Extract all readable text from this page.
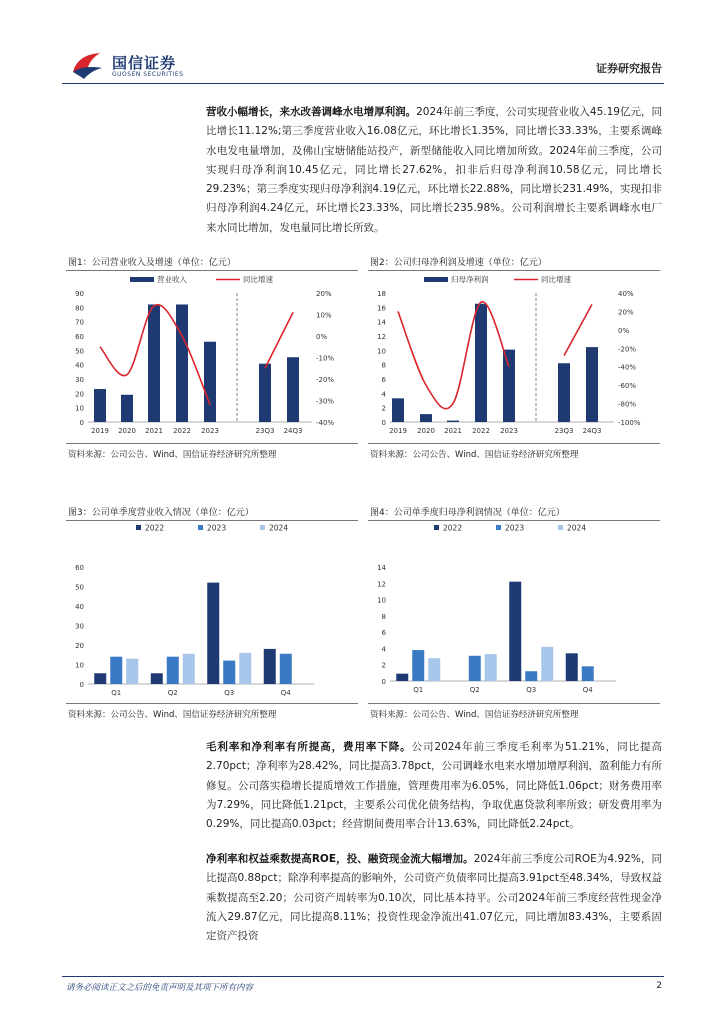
国信证券
GUOSEN SECURITIES	证券研究报告
营收小幅增长，来水改善调峰水电增厚利润。2024年前三季度，公司实现营业收入45.19亿元，同比增长11.12%;第三季度营业收入16.08亿元，环比增长1.35%，同比增长33.33%，主要系调峰水电发电量增加，及佛山宝塘储能站投产，新型储能收入同比增加所致。2024年前三季度，公司实现归母净利润10.45亿元，同比增长27.62%，扣非后归母净利润10.58亿元，同比增长29.23%；第三季度实现归母净利润4.19亿元，环比增长22.88%，同比增长231.49%，实现扣非归母净利润4.24亿元，环比增长23.33%，同比增长235.98%。公司利润增长主要系调峰水电厂来水同比增加，发电量同比增长所致。
图1：公司营业收入及增速（单位：亿元）
0
10
20
30
40
50
60
70
80
90
-40%
-30%
-20%
-10%
0%
10%
20%
2019 2020 2021 2022 2023	23Q3 24Q3
营业收入	同比增速
资料来源：公司公告、Wind、国信证券经济研究所整理
图2：公司归母净利润及增速（单位：亿元）
0
2
4
6
8
10
12
14
16
18
-100%
-80%
-60%
-40%
-20%
0%
20%
40%
2019 2020 2021 2022 2023	23Q3 24Q3
归母净利润	同比增速
资料来源：公司公告、Wind、国信证券经济研究所整理
图3：公司单季度营业收入情况（单位：亿元）
0
10
20
30
40
50
60
Q1	Q2	Q3	Q4
2022	2023	2024
资料来源：公司公告、Wind、国信证券经济研究所整理
图4：公司单季度归母净利润情况（单位：亿元）
0
2
4
6
8
10
12
14
Q1	Q2	Q3	Q4
2022	2023	2024
资料来源：公司公告、Wind、国信证券经济研究所整理
毛利率和净利率有所提高，费用率下降。公司2024年前三季度毛利率为51.21%，同比提高2.70pct；净利率为28.42%，同比提高3.78pct，公司调峰水电来水增加增厚利润，盈利能力有所修复。公司落实稳增长提质增效工作措施，管理费用率为6.05%，同比降低1.06pct；财务费用率为7.29%，同比降低1.21pct，主要系公司优化债务结构，争取优惠贷款利率所致；研发费用率为0.29%，同比提高0.03pct；经营期间费用率合计13.63%，同比降低2.24pct。
净利率和权益乘数提高ROE，投、融资现金流大幅增加。2024年前三季度公司ROE为4.92%，同比提高0.88pct；除净利率提高的影响外，公司资产负债率同比提高3.91pct至48.34%，导致权益乘数提高至2.20；公司资产周转率为0.10次，同比基本持平。公司2024年前三季度经营性现金净流入29.87亿元，同比提高8.11%；投资性现金净流出41.07亿元，同比增加83.43%，主要系固定资产投资
请务必阅读正文之后的免责声明及其项下所有内容	2
